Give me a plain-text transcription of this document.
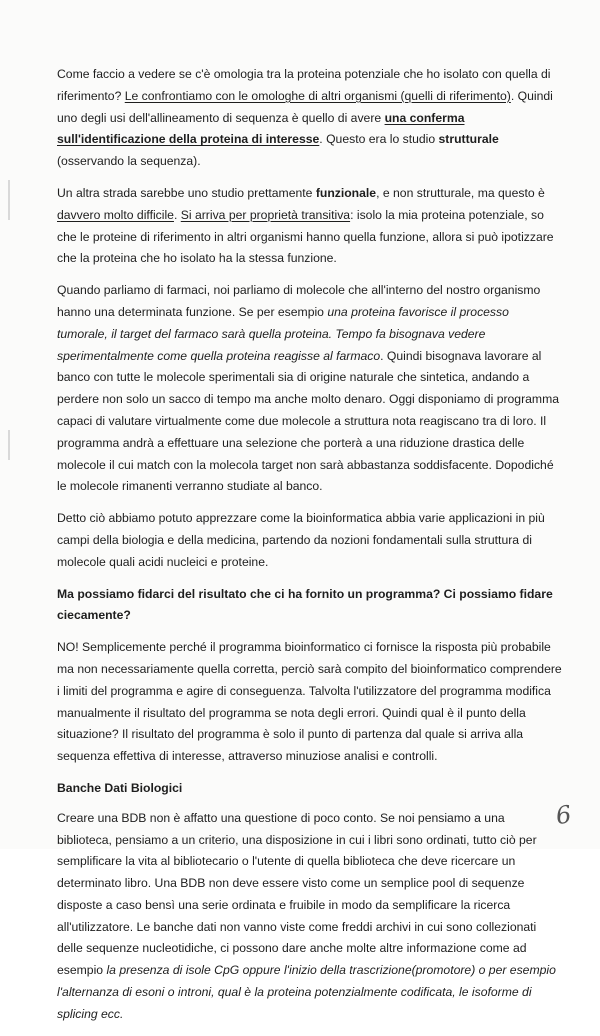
Come faccio a vedere se c'è omologia tra la proteina potenziale che ho isolato con quella di riferimento? Le confrontiamo con le omologhe di altri organismi (quelli di riferimento). Quindi uno degli usi dell'allineamento di sequenza è quello di avere una conferma sull'identificazione della proteina di interesse. Questo era lo studio strutturale (osservando la sequenza).

Un altra strada sarebbe uno studio prettamente funzionale, e non strutturale, ma questo è davvero molto difficile. Si arriva per proprietà transitiva: isolo la mia proteina potenziale, so che le proteine di riferimento in altri organismi hanno quella funzione, allora si può ipotizzare che la proteina che ho isolato ha la stessa funzione.

Quando parliamo di farmaci, noi parliamo di molecole che all'interno del nostro organismo hanno una determinata funzione. Se per esempio una proteina favorisce il processo tumorale, il target del farmaco sarà quella proteina. Tempo fa bisognava vedere sperimentalmente come quella proteina reagisse al farmaco. Quindi bisognava lavorare al banco con tutte le molecole sperimentali sia di origine naturale che sintetica, andando a perdere non solo un sacco di tempo ma anche molto denaro. Oggi disponiamo di programma capaci di valutare virtualmente come due molecole a struttura nota reagiscano tra di loro. Il programma andrà a effettuare una selezione che porterà a una riduzione drastica delle molecole il cui match con la molecola target non sarà abbastanza soddisfacente. Dopodiché le molecole rimanenti verranno studiate al banco.

Detto ciò abbiamo potuto apprezzare come la bioinformatica abbia varie applicazioni in più campi della biologia e della medicina, partendo da nozioni fondamentali sulla struttura di molecole quali acidi nucleici e proteine.

Ma possiamo fidarci del risultato che ci ha fornito un programma? Ci possiamo fidare ciecamente?

NO! Semplicemente perché il programma bioinformatico ci fornisce la risposta più probabile ma non necessariamente quella corretta, perciò sarà compito del bioinformatico comprendere i limiti del programma e agire di conseguenza. Talvolta l'utilizzatore del programma modifica manualmente il risultato del programma se nota degli errori. Quindi qual è il punto della situazione? Il risultato del programma è solo il punto di partenza dal quale si arriva alla sequenza effettiva di interesse, attraverso minuziose analisi e controlli.

Banche Dati Biologici

Creare una BDB non è affatto una questione di poco conto. Se noi pensiamo a una biblioteca, pensiamo a un criterio, una disposizione in cui i libri sono ordinati, tutto ciò per semplificare la vita al bibliotecario o l'utente di quella biblioteca che deve ricercare un determinato libro. Una BDB non deve essere visto come un semplice pool di sequenze disposte a caso bensì una serie ordinata e fruibile in modo da semplificare la ricerca all'utilizzatore. Le banche dati non vanno viste come freddi archivi in cui sono collezionati delle sequenze nucleotidiche, ci possono dare anche molte altre informazione come ad esempio la presenza di isole CpG oppure l'inizio della trascrizione(promotore) o per esempio l'alternanza di esoni o introni, qual è la proteina potenzialmente codificata, le isoforme di splicing ecc.

6
